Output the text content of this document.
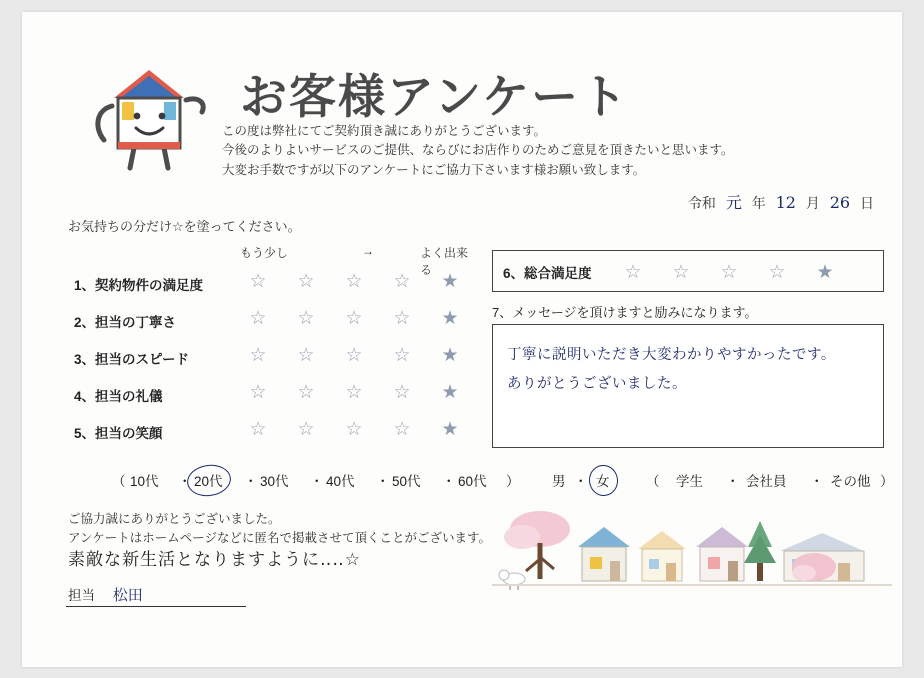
お客様アンケート
この度は弊社にてご契約頂き誠にありがとうございます。
今後のよりよいサービスのご提供、ならびにお店作りのためご意見を頂きたいと思います。
大変お手数ですが以下のアンケートにご協力下さいます様お願い致します。
令和 元 年 12 月 26 日
お気持ちの分だけ☆を塗ってください。
もう少し	→	よく出来る
1、契約物件の満足度 ☆ ☆ ☆ ☆ ★
2、担当の丁寧さ	☆ ☆ ☆ ☆ ★
3、担当のスピード	☆ ☆ ☆ ☆ ★
4、担当の礼儀	☆ ☆ ☆ ☆ ★
5、担当の笑顔	☆ ☆ ☆ ☆ ★
6、総合満足度 ☆ ☆ ☆ ☆ ★
7、メッセージを頂けますと励みになります。
丁寧に説明いただき大変わかりやすかったです。
ありがとうございました。
（ 10代 ・ 20代 ・ 30代 ・ 40代 ・ 50代 ・ 60代 ） 男 ・ 女	（ 学生 ・ 会社員 ・ その他 ）
ご協力誠にありがとうございました。
アンケートはホームページなどに匿名で掲載させて頂くことがございます。
素敵な新生活となりますように‥‥☆
担当 松田
